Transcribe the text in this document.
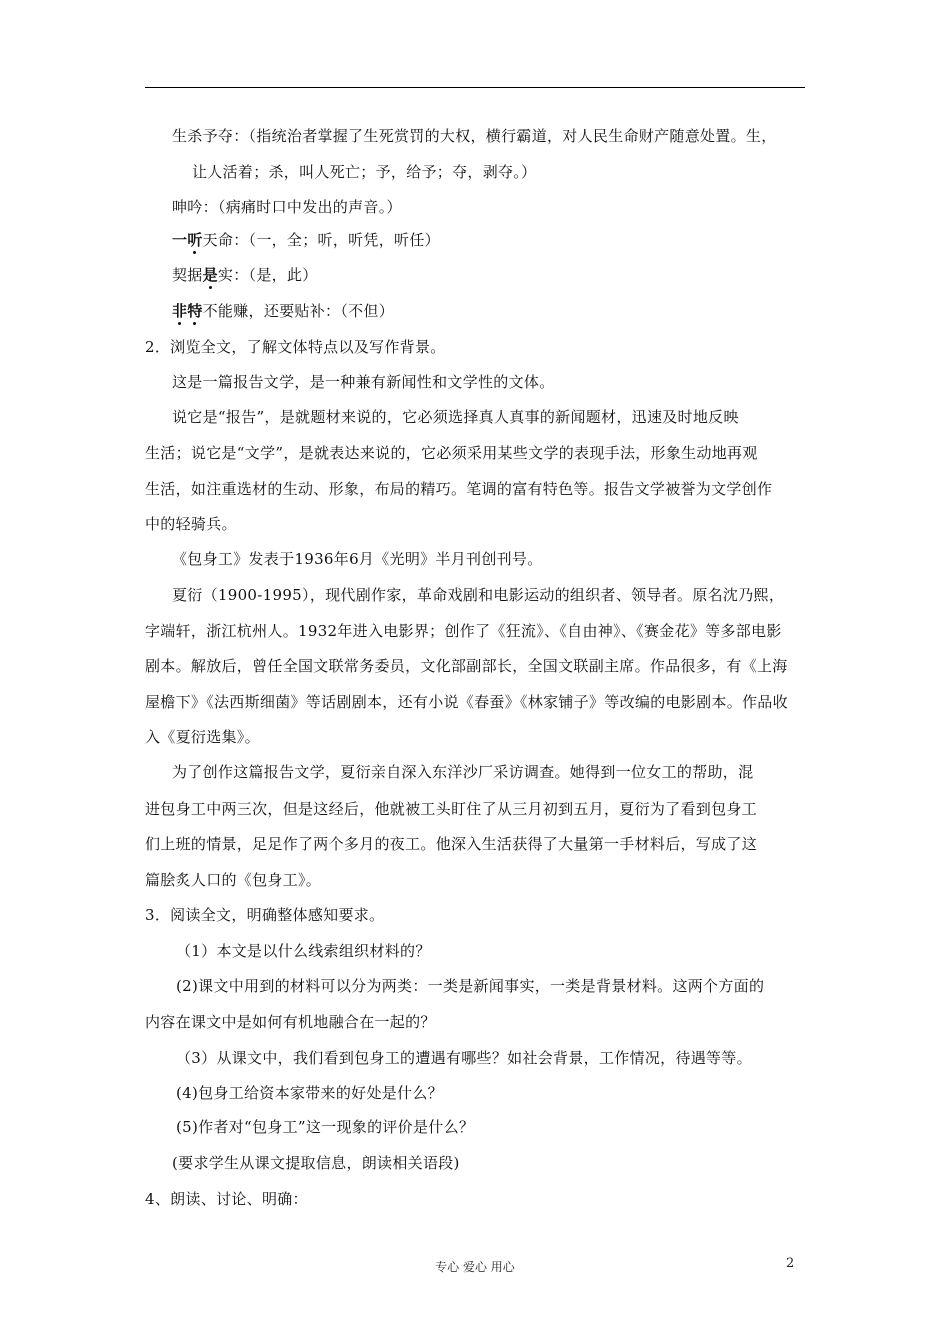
生杀予夺：（指统治者掌握了生死赏罚的大权，横行霸道，对人民生命财产随意处置。生，
让人活着；杀，叫人死亡；予，给予；夺，剥夺。）
呻吟：（病痛时口中发出的声音。）
一听天命：（一，全；听，听凭，听任）
契据是实：（是，此）
非特不能赚，还要贴补：（不但）
2．浏览全文，了解文体特点以及写作背景。
这是一篇报告文学，是一种兼有新闻性和文学性的文体。
说它是“报告”，是就题材来说的，它必须选择真人真事的新闻题材，迅速及时地反映
生活；说它是“文学”，是就表达来说的，它必须采用某些文学的表现手法，形象生动地再观
生活，如注重选材的生动、形象，布局的精巧。笔调的富有特色等。报告文学被誉为文学创作
中的轻骑兵。
《包身工》发表于1936年6月《光明》半月刊创刊号。
夏衍（1900-1995），现代剧作家，革命戏剧和电影运动的组织者、领导者。原名沈乃熙，
字端轩，浙江杭州人。1932年进入电影界；创作了《狂流》、《自由神》、《赛金花》等多部电影
剧本。解放后，曾任全国文联常务委员，文化部副部长，全国文联副主席。作品很多，有《上海
屋檐下》《法西斯细菌》等话剧剧本，还有小说《春蚕》《林家铺子》等改编的电影剧本。作品收
入《夏衍选集》。
为了创作这篇报告文学，夏衍亲自深入东洋沙厂采访调查。她得到一位女工的帮助，混
进包身工中两三次，但是这经后，他就被工头盯住了从三月初到五月，夏衍为了看到包身工
们上班的情景，足足作了两个多月的夜工。他深入生活获得了大量第一手材料后，写成了这
篇脍炙人口的《包身工》。
3．阅读全文，明确整体感知要求。
（1）本文是以什么线索组织材料的？
(2)课文中用到的材料可以分为两类：一类是新闻事实，一类是背景材料。这两个方面的
内容在课文中是如何有机地融合在一起的？
（3）从课文中，我们看到包身工的遭遇有哪些？如社会背景，工作情况，待遇等等。
(4)包身工给资本家带来的好处是什么？
(5)作者对“包身工”这一现象的评价是什么？
(要求学生从课文提取信息，朗读相关语段)
4、朗读、讨论、明确：
专心 爱心 用心	2
